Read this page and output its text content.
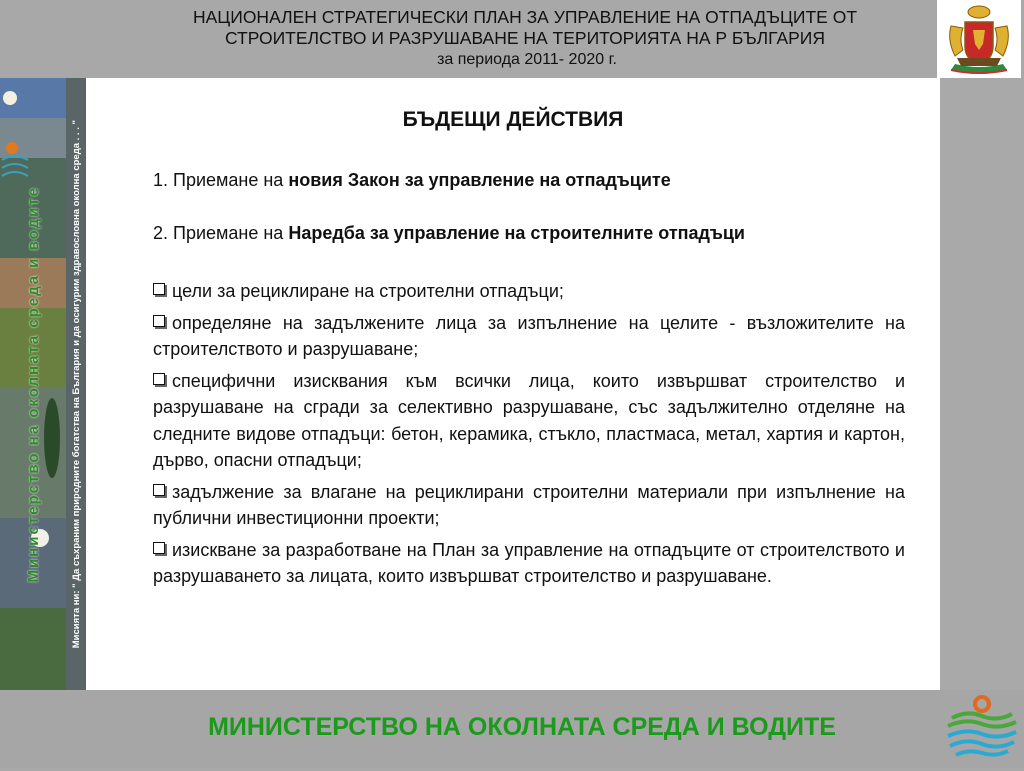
НАЦИОНАЛЕН СТРАТЕГИЧЕСКИ ПЛАН ЗА УПРАВЛЕНИЕ НА ОТПАДЪЦИТЕ ОТ
СТРОИТЕЛСТВО И РАЗРУШАВАНЕ НА ТЕРИТОРИЯТА НА Р БЪЛГАРИЯ
за периода 2011- 2020 г.
Министерство на околната среда и водите	Мисията ни: " Да съхраним природните богатства на България и да осигурим здравословна околна среда . . . "
БЪДЕЩИ ДЕЙСТВИЯ
1. Приемане на новия Закон за управление на отпадъците
2. Приемане на Наредба за управление на строителните отпадъци
цели за рециклиране на строителни отпадъци;
определяне на задължените лица за изпълнение на целите - възложителите на строителството и разрушаване;
специфични изисквания към всички лица, които извършват строителство и разрушаване на сгради за селективно разрушаване, със задължително отделяне на следните видове отпадъци: бетон, керамика, стъкло, пластмаса, метал, хартия и картон, дърво, опасни отпадъци;
задължение за влагане на рециклирани строителни материали при изпълнение на публични инвестиционни проекти;
изискване за разработване на План за управление на отпадъците от строителството и разрушаването за лицата, които извършват строителство и разрушаване.
МИНИСТЕРСТВО НА ОКОЛНАТА СРЕДА И ВОДИТЕ
